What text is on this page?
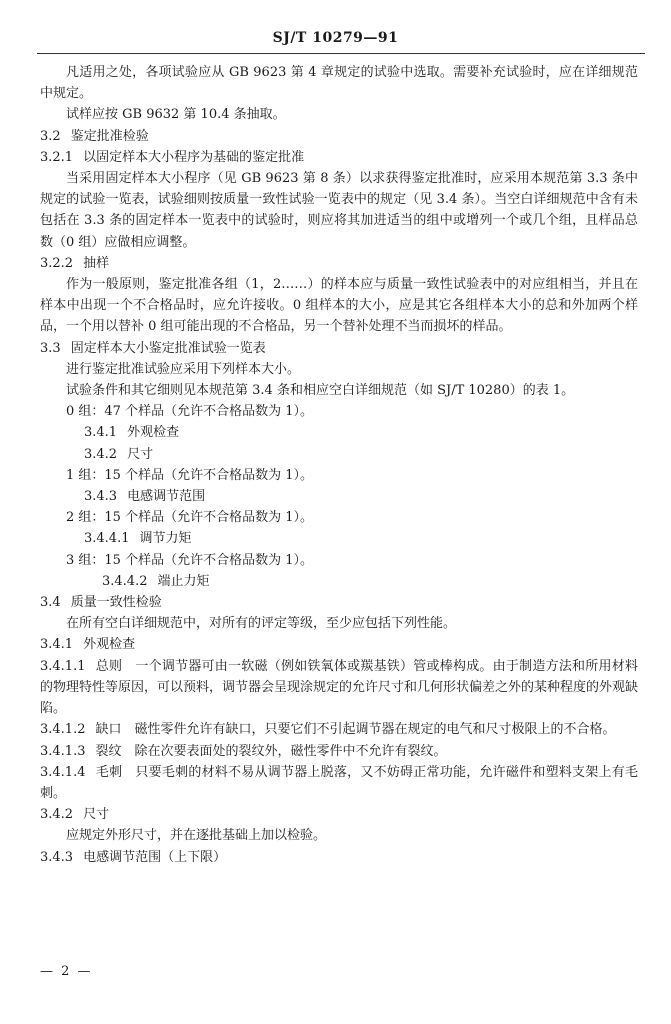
SJ/T 10279—91

凡适用之处，各项试验应从 GB 9623 第 4 章规定的试验中选取。需要补充试验时，应在详细规范中规定。

试样应按 GB 9632 第 10.4 条抽取。

3.2 鉴定批准检验

3.2.1 以固定样本大小程序为基础的鉴定批准

当采用固定样本大小程序（见 GB 9623 第 8 条）以求获得鉴定批准时，应采用本规范第 3.3 条中规定的试验一览表，试验细则按质量一致性试验一览表中的规定（见 3.4 条）。当空白详细规范中含有未包括在 3.3 条的固定样本一览表中的试验时，则应将其加进适当的组中或增列一个或几个组，且样品总数（0 组）应做相应调整。

3.2.2 抽样

作为一般原则，鉴定批准各组（1，2……）的样本应与质量一致性试验表中的对应组相当，并且在样本中出现一个不合格品时，应允许接收。0 组样本的大小，应是其它各组样本大小的总和外加两个样品，一个用以替补 0 组可能出现的不合格品，另一个替补处理不当而损坏的样品。

3.3 固定样本大小鉴定批准试验一览表

进行鉴定批准试验应采用下列样本大小。

试验条件和其它细则见本规范第 3.4 条和相应空白详细规范（如 SJ/T 10280）的表 1。

0 组：47 个样品（允许不合格品数为 1）。

3.4.1 外观检查

3.4.2 尺寸

1 组：15 个样品（允许不合格品数为 1）。

3.4.3 电感调节范围

2 组：15 个样品（允许不合格品数为 1）。

3.4.4.1 调节力矩

3 组：15 个样品（允许不合格品数为 1）。

3.4.4.2 端止力矩

3.4 质量一致性检验

在所有空白详细规范中，对所有的评定等级，至少应包括下列性能。

3.4.1 外观检查

3.4.1.1 总则　一个调节器可由一软磁（例如铁氧体或羰基铁）管或棒构成。由于制造方法和所用材料的物理特性等原因，可以预料，调节器会呈现涂规定的允许尺寸和几何形状偏差之外的某种程度的外观缺陷。

3.4.1.2 缺口　磁性零件允许有缺口，只要它们不引起调节器在规定的电气和尺寸极限上的不合格。

3.4.1.3 裂纹　除在次要表面处的裂纹外，磁性零件中不允许有裂纹。

3.4.1.4 毛刺　只要毛刺的材料不易从调节器上脱落，又不妨碍正常功能，允许磁件和塑料支架上有毛刺。

3.4.2 尺寸

应规定外形尺寸，并在逐批基础上加以检验。

3.4.3 电感调节范围（上下限）

— 2 —
